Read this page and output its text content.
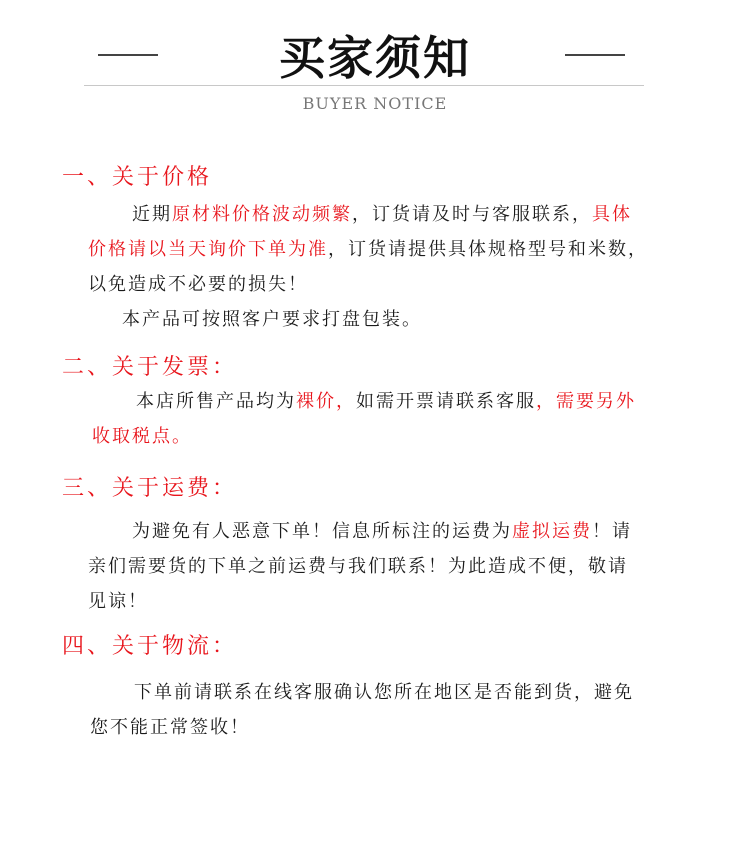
买家须知
BUYER NOTICE
一、关于价格
近期原材料价格波动频繁，订货请及时与客服联系，具体
价格请以当天询价下单为准，订货请提供具体规格型号和米数，
以免造成不必要的损失！
本产品可按照客户要求打盘包装。
二、关于发票：
本店所售产品均为裸价，如需开票请联系客服，需要另外
收取税点。
三、关于运费：
为避免有人恶意下单！信息所标注的运费为虚拟运费！请
亲们需要货的下单之前运费与我们联系！为此造成不便，敬请
见谅！
四、关于物流：
下单前请联系在线客服确认您所在地区是否能到货，避免
您不能正常签收！
